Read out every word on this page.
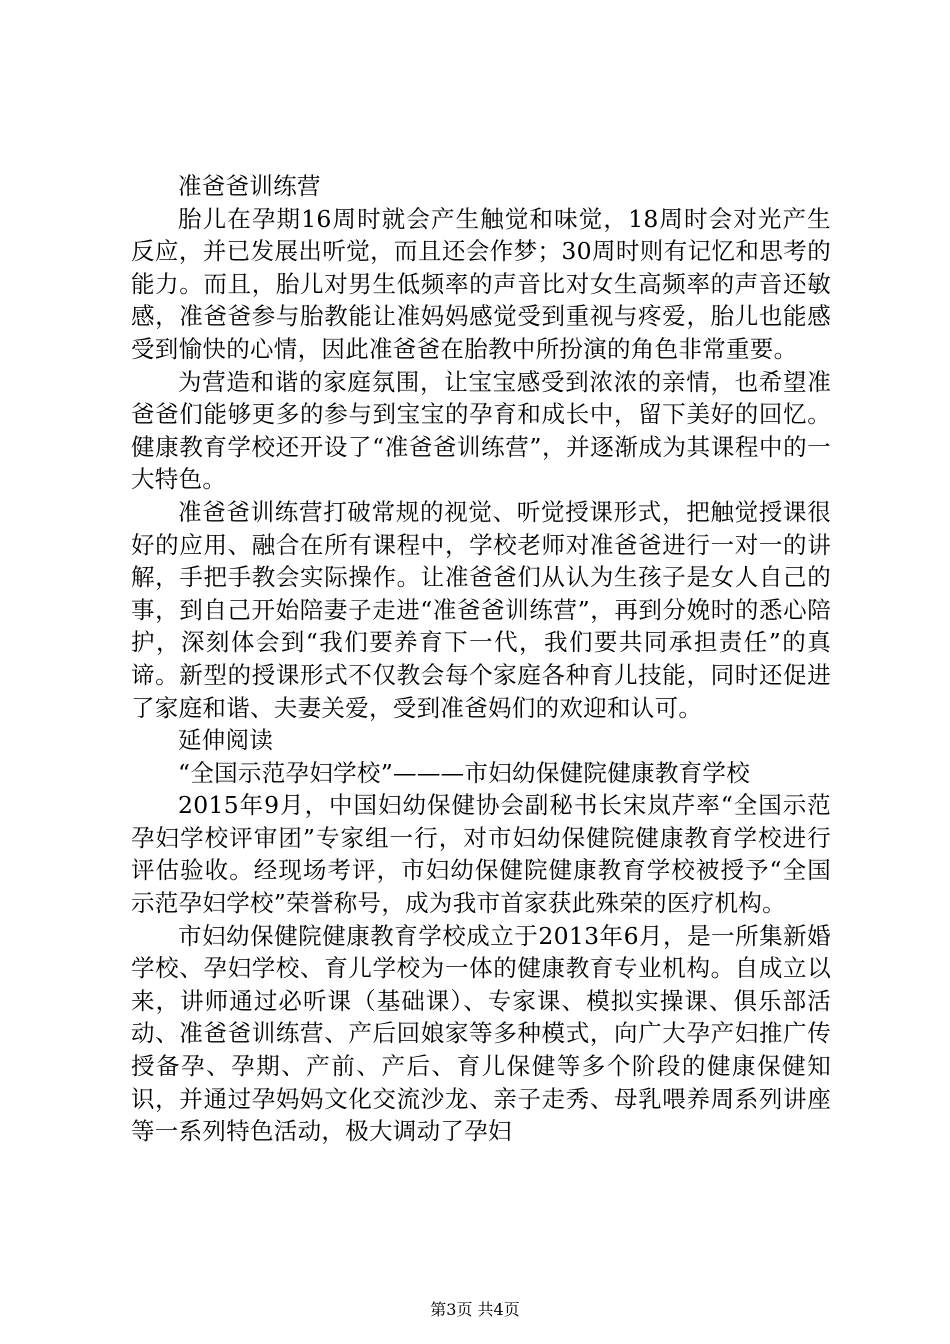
准爸爸训练营

胎儿在孕期16周时就会产生触觉和味觉，18周时会对光产生反应，并已发展出听觉，而且还会作梦；30周时则有记忆和思考的能力。而且，胎儿对男生低频率的声音比对女生高频率的声音还敏感，准爸爸参与胎教能让准妈妈感觉受到重视与疼爱，胎儿也能感受到愉快的心情，因此准爸爸在胎教中所扮演的角色非常重要。

为营造和谐的家庭氛围，让宝宝感受到浓浓的亲情，也希望准爸爸们能够更多的参与到宝宝的孕育和成长中，留下美好的回忆。健康教育学校还开设了“准爸爸训练营”，并逐渐成为其课程中的一大特色。

准爸爸训练营打破常规的视觉、听觉授课形式，把触觉授课很好的应用、融合在所有课程中，学校老师对准爸爸进行一对一的讲解，手把手教会实际操作。让准爸爸们从认为生孩子是女人自己的事，到自己开始陪妻子走进“准爸爸训练营”，再到分娩时的悉心陪护，深刻体会到“我们要养育下一代，我们要共同承担责任”的真谛。新型的授课形式不仅教会每个家庭各种育儿技能，同时还促进了家庭和谐、夫妻关爱，受到准爸妈们的欢迎和认可。

延伸阅读

“全国示范孕妇学校”———市妇幼保健院健康教育学校

2015年9月，中国妇幼保健协会副秘书长宋岚芹率“全国示范孕妇学校评审团”专家组一行，对市妇幼保健院健康教育学校进行评估验收。经现场考评，市妇幼保健院健康教育学校被授予“全国示范孕妇学校”荣誉称号，成为我市首家获此殊荣的医疗机构。

市妇幼保健院健康教育学校成立于2013年6月，是一所集新婚学校、孕妇学校、育儿学校为一体的健康教育专业机构。自成立以来，讲师通过必听课（基础课）、专家课、模拟实操课、俱乐部活动、准爸爸训练营、产后回娘家等多种模式，向广大孕产妇推广传授备孕、孕期、产前、产后、育儿保健等多个阶段的健康保健知识，并通过孕妈妈文化交流沙龙、亲子走秀、母乳喂养周系列讲座等一系列特色活动，极大调动了孕妇

第3页 共4页
